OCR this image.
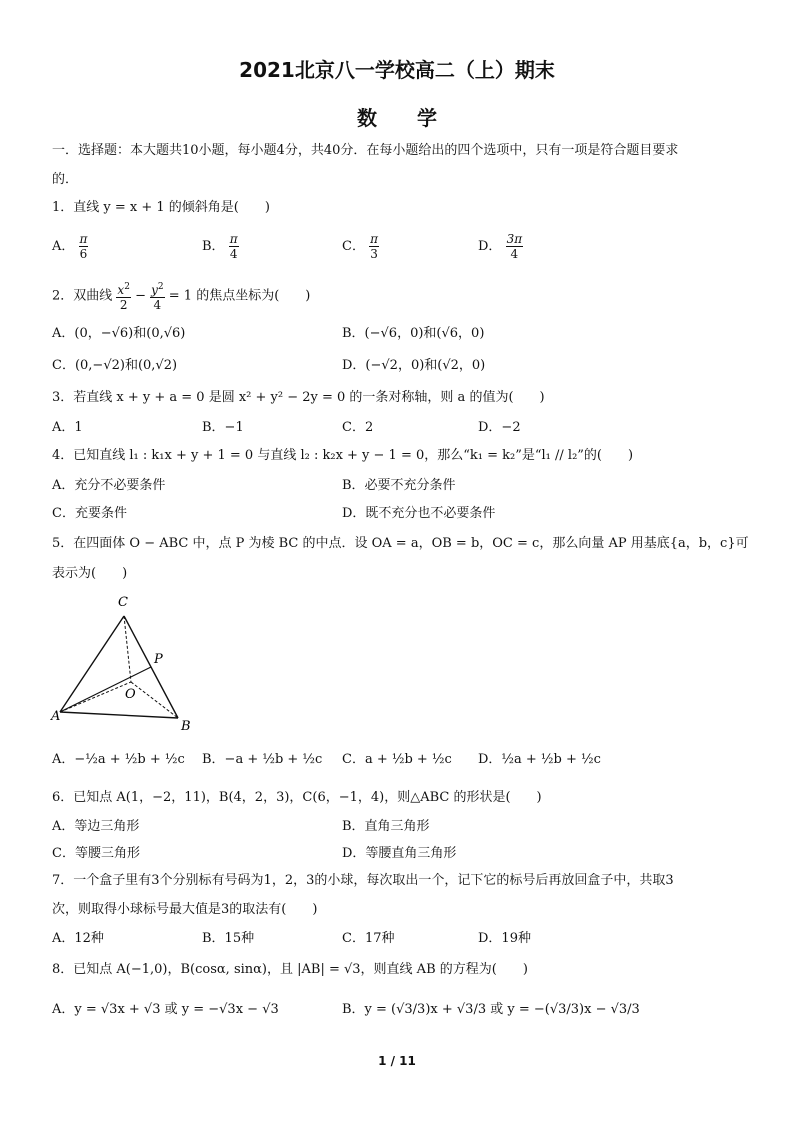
2021北京八一学校高二（上）期末
数　　学
一．选择题：本大题共10小题，每小题4分，共40分．在每小题给出的四个选项中，只有一项是符合题目要求
的．
1．直线 y = x + 1 的倾斜角是(　　)
A． $\frac{\pi}{6}$	B． $\frac{\pi}{4}$	C． $\frac{\pi}{3}$	D． $\frac{3\pi}{4}$
2．双曲线 $\frac{x^2}{2} - \frac{y^2}{4} = 1$ 的焦点坐标为(　　)
A．(0，−√6)和(0,√6)	B．(−√6，0)和(√6，0)
C．(0,−√2)和(0,√2)	D．(−√2，0)和(√2，0)
3．若直线 x + y + a = 0 是圆 x² + y² − 2y = 0 的一条对称轴，则 a 的值为(　　)
A．1	B．−1	C．2	D．−2
4．已知直线 l₁ : k₁x + y + 1 = 0 与直线 l₂ : k₂x + y − 1 = 0，那么“k₁ = k₂”是“l₁ // l₂”的(　　)
A．充分不必要条件	B．必要不充分条件
C．充要条件	D．既不充分也不必要条件
5．在四面体 O − ABC 中，点 P 为棱 BC 的中点．设 OA = a，OB = b，OC = c，那么向量 AP 用基底{a，b，c}可
表示为(　　)
C
P
O
A
B
A．−½a + ½b + ½c B．−a + ½b + ½c C．a + ½b + ½c D．½a + ½b + ½c
6．已知点 A(1，−2，11)，B(4，2，3)，C(6，−1，4)，则△ABC 的形状是(　　)
A．等边三角形	B．直角三角形
C．等腰三角形	D．等腰直角三角形
7．一个盒子里有3个分别标有号码为1，2，3的小球，每次取出一个，记下它的标号后再放回盒子中，共取3
次，则取得小球标号最大值是3的取法有(　　)
A．12种	B．15种	C．17种	D．19种
8．已知点 A(−1,0)，B(cosα, sinα)，且 |AB| = √3，则直线 AB 的方程为(　　)
A．y = √3x + √3 或 y = −√3x − √3	B．y = (√3/3)x + √3/3 或 y = −(√3/3)x − √3/3
1 / 11
